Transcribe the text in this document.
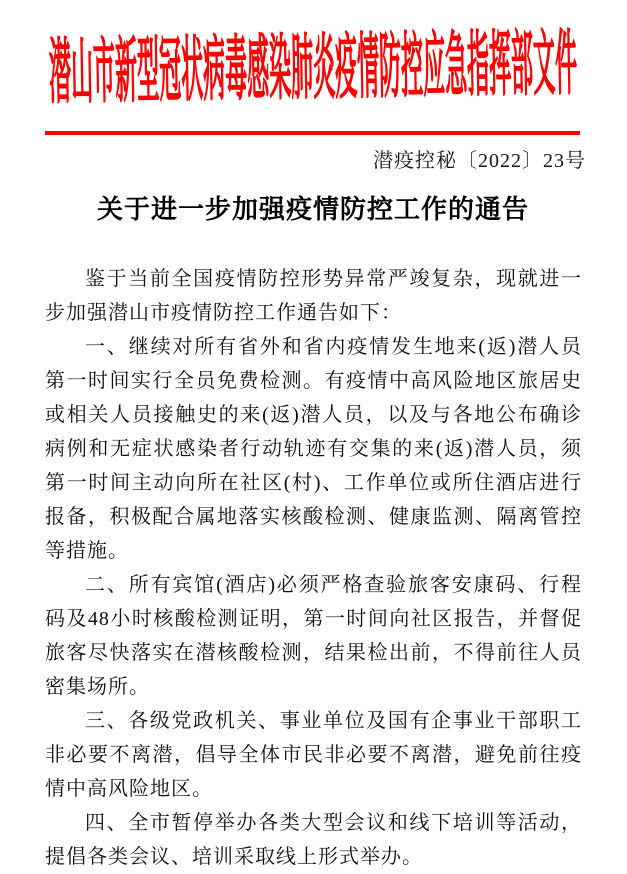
潜山市新型冠状病毒感染肺炎疫情防控应急指挥部文件
潜疫控秘〔2022〕23号
关于进一步加强疫情防控工作的通告

鉴于当前全国疫情防控形势异常严竣复杂，现就进一步加强潜山市疫情防控工作通告如下：

一、继续对所有省外和省内疫情发生地来(返)潜人员第一时间实行全员免费检测。有疫情中高风险地区旅居史或相关人员接触史的来(返)潜人员，以及与各地公布确诊病例和无症状感染者行动轨迹有交集的来(返)潜人员，须第一时间主动向所在社区(村)、工作单位或所住酒店进行报备，积极配合属地落实核酸检测、健康监测、隔离管控等措施。

二、所有宾馆(酒店)必须严格查验旅客安康码、行程码及48小时核酸检测证明，第一时间向社区报告，并督促旅客尽快落实在潜核酸检测，结果检出前，不得前往人员密集场所。

三、各级党政机关、事业单位及国有企事业干部职工非必要不离潜，倡导全体市民非必要不离潜，避免前往疫情中高风险地区。

四、全市暂停举办各类大型会议和线下培训等活动，提倡各类会议、培训采取线上形式举办。
